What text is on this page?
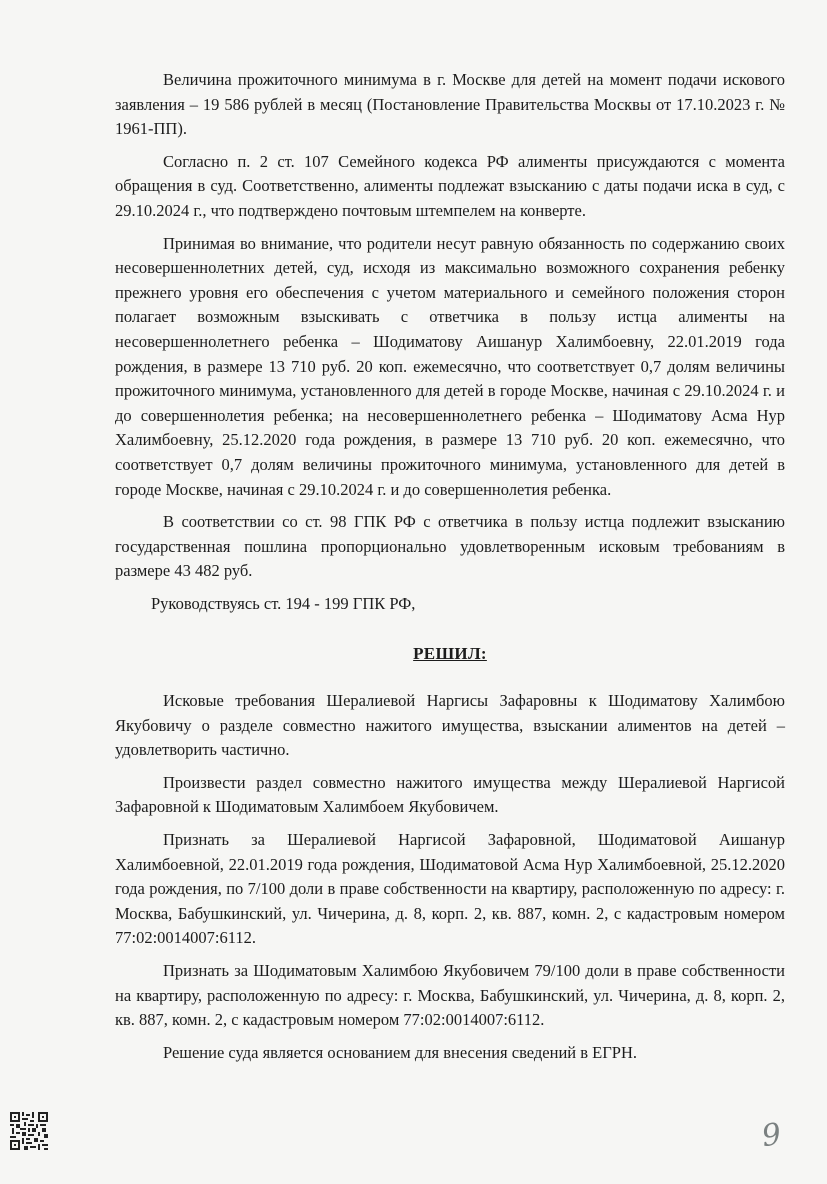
Величина прожиточного минимума в г. Москве для детей на момент подачи искового заявления – 19 586 рублей в месяц (Постановление Правительства Москвы от 17.10.2023 г. № 1961-ПП).

Согласно п. 2 ст. 107 Семейного кодекса РФ алименты присуждаются с момента обращения в суд. Соответственно, алименты подлежат взысканию с даты подачи иска в суд, с 29.10.2024 г., что подтверждено почтовым штемпелем на конверте.

Принимая во внимание, что родители несут равную обязанность по содержанию своих несовершеннолетних детей, суд, исходя из максимально возможного сохранения ребенку прежнего уровня его обеспечения с учетом материального и семейного положения сторон полагает возможным взыскивать с ответчика в пользу истца алименты на несовершеннолетнего ребенка – Шодиматову Аишанур Халимбоевну, 22.01.2019 года рождения, в размере 13 710 руб. 20 коп. ежемесячно, что соответствует 0,7 долям величины прожиточного минимума, установленного для детей в городе Москве, начиная с 29.10.2024 г. и до совершеннолетия ребенка; на несовершеннолетнего ребенка – Шодиматову Асма Нур Халимбоевну, 25.12.2020 года рождения, в размере 13 710 руб. 20 коп. ежемесячно, что соответствует 0,7 долям величины прожиточного минимума, установленного для детей в городе Москве, начиная с 29.10.2024 г. и до совершеннолетия ребенка.

В соответствии со ст. 98 ГПК РФ с ответчика в пользу истца подлежит взысканию государственная пошлина пропорционально удовлетворенным исковым требованиям в размере 43 482 руб.

Руководствуясь ст. 194 - 199 ГПК РФ,

РЕШИЛ:

Исковые требования Шералиевой Наргисы Зафаровны к Шодиматову Халимбою Якубовичу о разделе совместно нажитого имущества, взыскании алиментов на детей – удовлетворить частично.

Произвести раздел совместно нажитого имущества между Шералиевой Наргисой Зафаровной к Шодиматовым Халимбоем Якубовичем.

Признать за Шералиевой Наргисой Зафаровной, Шодиматовой Аишанур Халимбоевной, 22.01.2019 года рождения, Шодиматовой Асма Нур Халимбоевной, 25.12.2020 года рождения, по 7/100 доли в праве собственности на квартиру, расположенную по адресу: г. Москва, Бабушкинский, ул. Чичерина, д. 8, корп. 2, кв. 887, комн. 2, с кадастровым номером 77:02:0014007:6112.

Признать за Шодиматовым Халимбою Якубовичем 79/100 доли в праве собственности на квартиру, расположенную по адресу: г. Москва, Бабушкинский, ул. Чичерина, д. 8, корп. 2, кв. 887, комн. 2, с кадастровым номером 77:02:0014007:6112.

Решение суда является основанием для внесения сведений в ЕГРН.

9
